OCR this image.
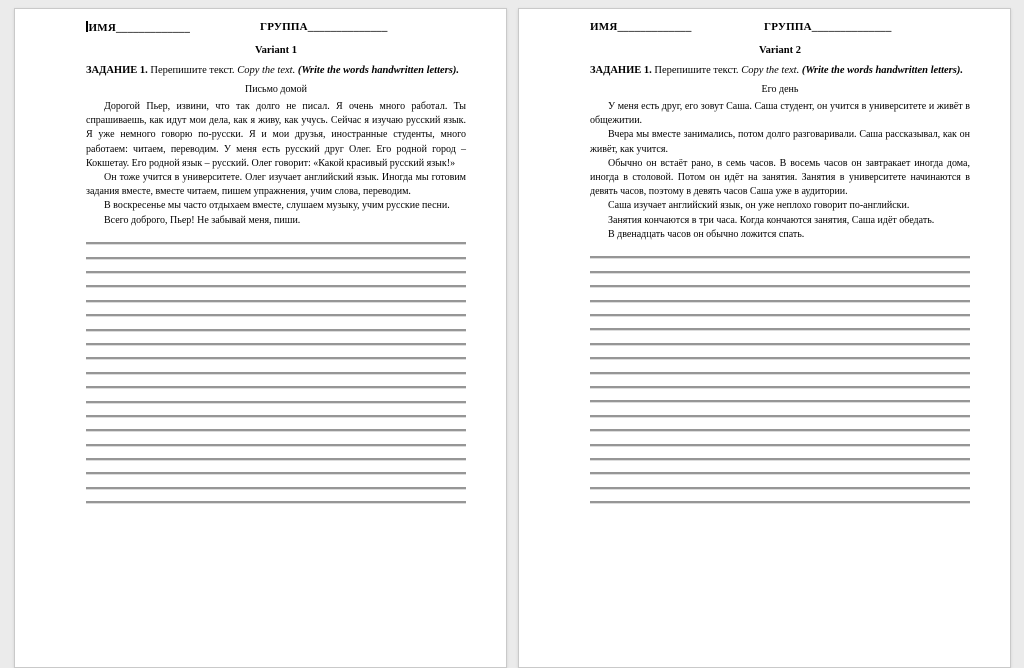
ИМЯ_____________	ГРУППА______________
Variant 1

ЗАДАНИЕ 1. Перепишите текст. Copy the text. (Write the words handwritten letters).

Письмо домой

Дорогой Пьер, извини, что так долго не писал. Я очень много работал. Ты спрашиваешь, как идут мои дела, как я живу, как учусь. Сейчас я изучаю русский язык. Я уже немного говорю по-русски. Я и мои друзья, иностранные студенты, много работаем: читаем, переводим. У меня есть русский друг Олег. Его родной город – Кокшетау. Его родной язык – русский. Олег говорит: «Какой красивый русский язык!»

Он тоже учится в университете. Олег изучает английский язык. Иногда мы готовим задания вместе, вместе читаем, пишем упражнения, учим слова, переводим.

В воскресенье мы часто отдыхаем вместе, слушаем музыку, учим русские песни.

Всего доброго, Пьер! Не забывай меня, пиши.

ИМЯ_____________	ГРУППА______________
Variant 2

ЗАДАНИЕ 1. Перепишите текст. Copy the text. (Write the words handwritten letters).

Его день

У меня есть друг, его зовут Саша. Саша студент, он учится в университете и живёт в общежитии.

Вчера мы вместе занимались, потом долго разговаривали. Саша рассказывал, как он живёт, как учится.

Обычно он встаёт рано, в семь часов. В восемь часов он завтракает иногда дома, иногда в столовой. Потом он идёт на занятия. Занятия в университете начинаются в девять часов, поэтому в девять часов Саша уже в аудитории.

Саша изучает английский язык, он уже неплохо говорит по-английски.

Занятия кончаются в три часа. Когда кончаются занятия, Саша идёт обедать.

В двенадцать часов он обычно ложится спать.
